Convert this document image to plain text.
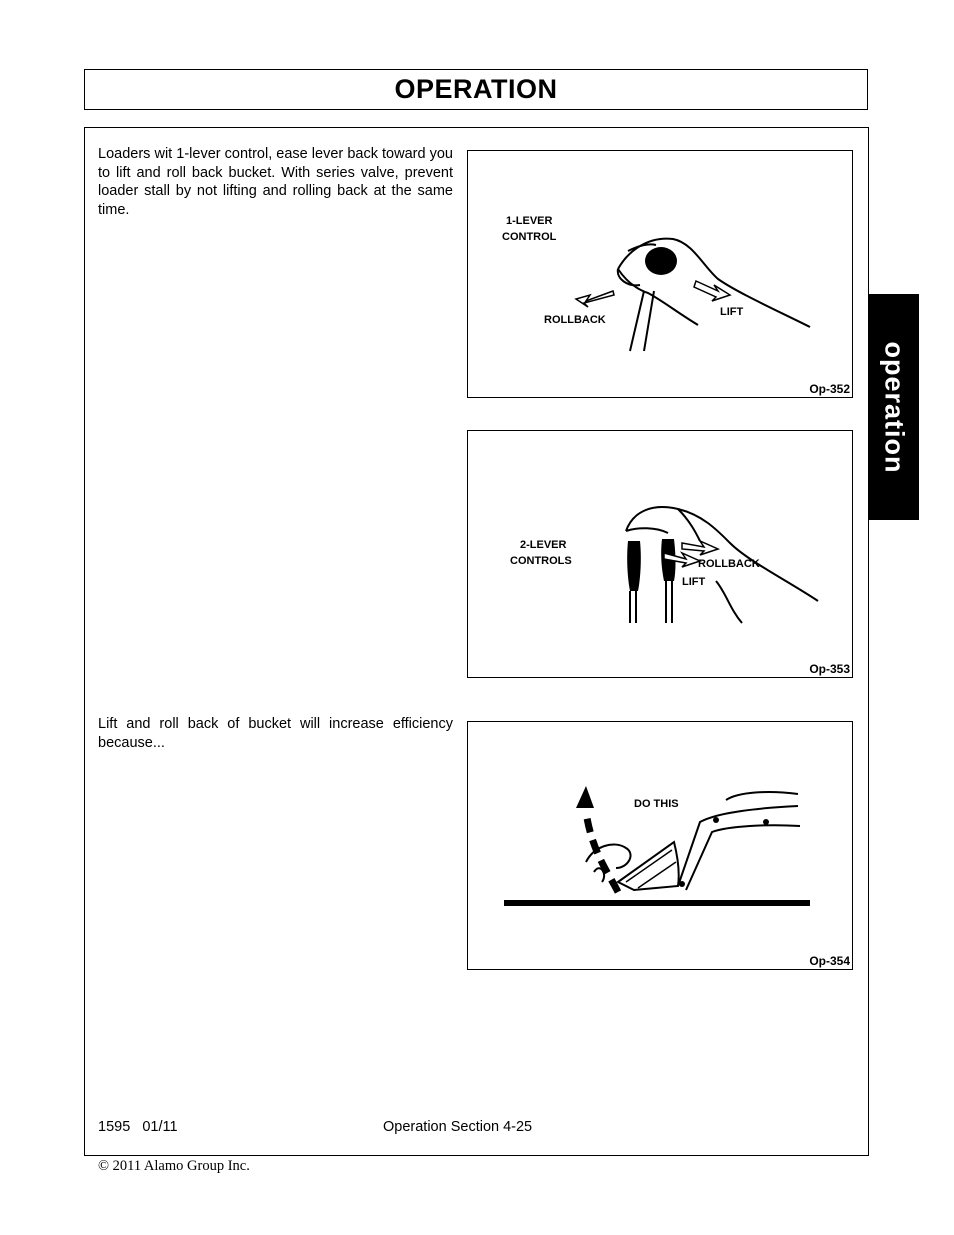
OPERATION
operation

Loaders wit 1-lever control, ease lever back toward you to lift and roll back bucket. With series valve, prevent loader stall by not lifting and rolling back at the same time.

Lift and roll back of bucket will increase efficiency because...

1-LEVER
CONTROL
ROLLBACK
LIFT
Op-352
2-LEVER
CONTROLS	ROLLBACK
LIFT
Op-353
DO THIS
Op-354
1595   01/11	Operation Section 4-25
© 2011 Alamo Group Inc.
